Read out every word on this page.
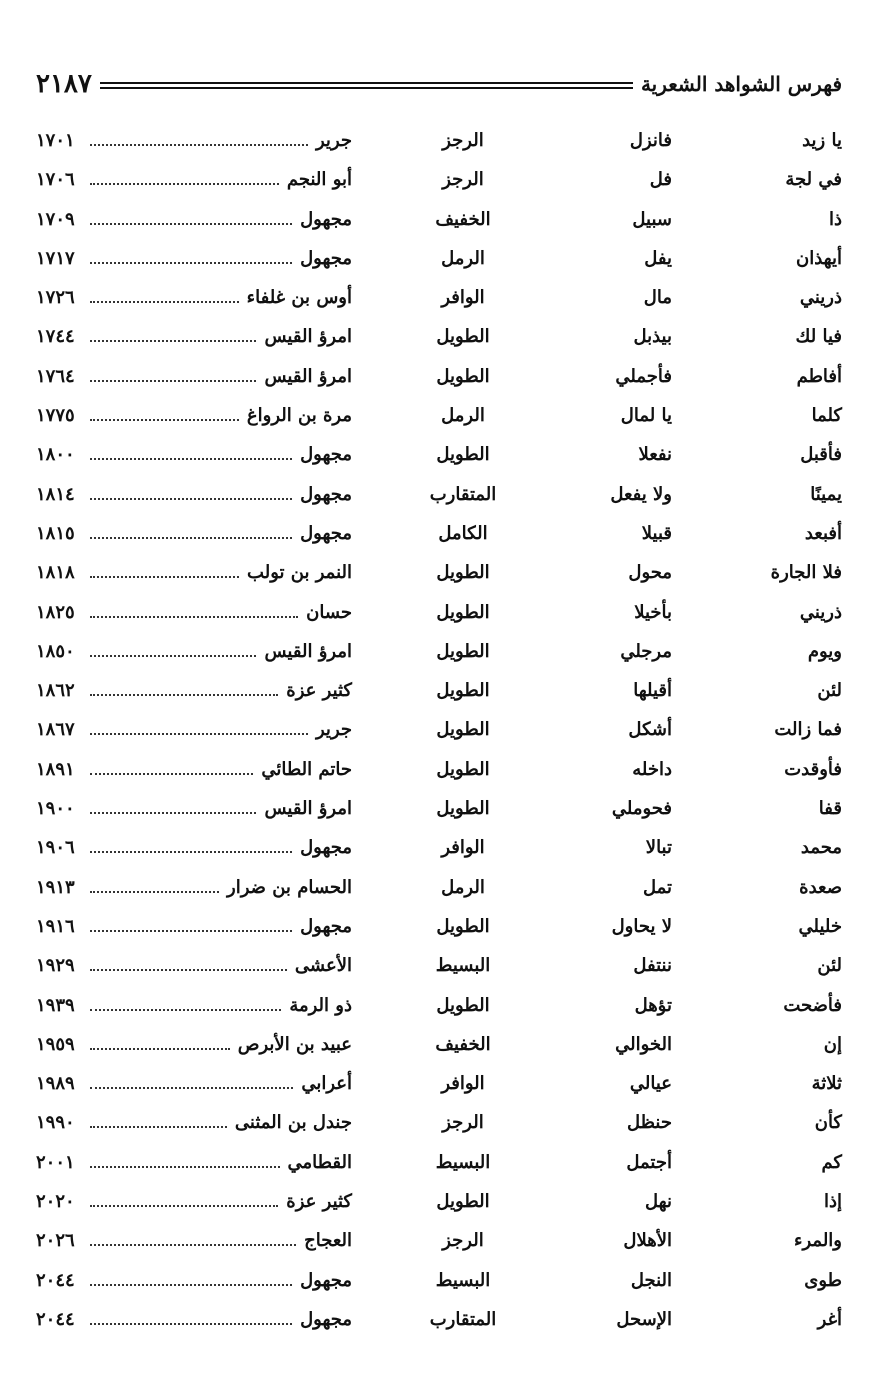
فهرس الشواهد الشعرية
٢١٨٧
يا زيد
فانزل
الرجز
جرير
١٧٠١
في لجة
فل
الرجز
أبو النجم
١٧٠٦
ذا
سبيل
الخفيف
مجهول
١٧٠٩
أيهذان
يفل
الرمل
مجهول
١٧١٧
ذريني
مال
الوافر
أوس بن غلفاء
١٧٢٦
فيا لك
بيذبل
الطويل
امرؤ القيس
١٧٤٤
أفاطم
فأجملي
الطويل
امرؤ القيس
١٧٦٤
كلما
يا لمال
الرمل
مرة بن الرواغ
١٧٧٥
فأقبل
نفعلا
الطويل
مجهول
١٨٠٠
يمينًا
ولا يفعل
المتقارب
مجهول
١٨١٤
أفبعد
قبيلا
الكامل
مجهول
١٨١٥
فلا الجارة
محول
الطويل
النمر بن تولب
١٨١٨
ذريني
بأخيلا
الطويل
حسان
١٨٢٥
ويوم
مرجلي
الطويل
امرؤ القيس
١٨٥٠
لئن
أقيلها
الطويل
كثير عزة
١٨٦٢
فما زالت
أشكل
الطويل
جرير
١٨٦٧
فأوقدت
داخله
الطويل
حاتم الطائي
١٨٩١
قفا
فحوملي
الطويل
امرؤ القيس
١٩٠٠
محمد
تبالا
الوافر
مجهول
١٩٠٦
صعدة
تمل
الرمل
الحسام بن ضرار
١٩١٣
خليلي
لا يحاول
الطويل
مجهول
١٩١٦
لئن
ننتفل
البسيط
الأعشى
١٩٢٩
فأضحت
تؤهل
الطويل
ذو الرمة
١٩٣٩
إن
الخوالي
الخفيف
عبيد بن الأبرص
١٩٥٩
ثلاثة
عيالي
الوافر
أعرابي
١٩٨٩
كأن
حنظل
الرجز
جندل بن المثنى
١٩٩٠
كم
أجتمل
البسيط
القطامي
٢٠٠١
إذا
نهل
الطويل
كثير عزة
٢٠٢٠
والمرء
الأهلال
الرجز
العجاج
٢٠٢٦
طوى
النجل
البسيط
مجهول
٢٠٤٤
أغر
الإسحل
المتقارب
مجهول
٢٠٤٤
